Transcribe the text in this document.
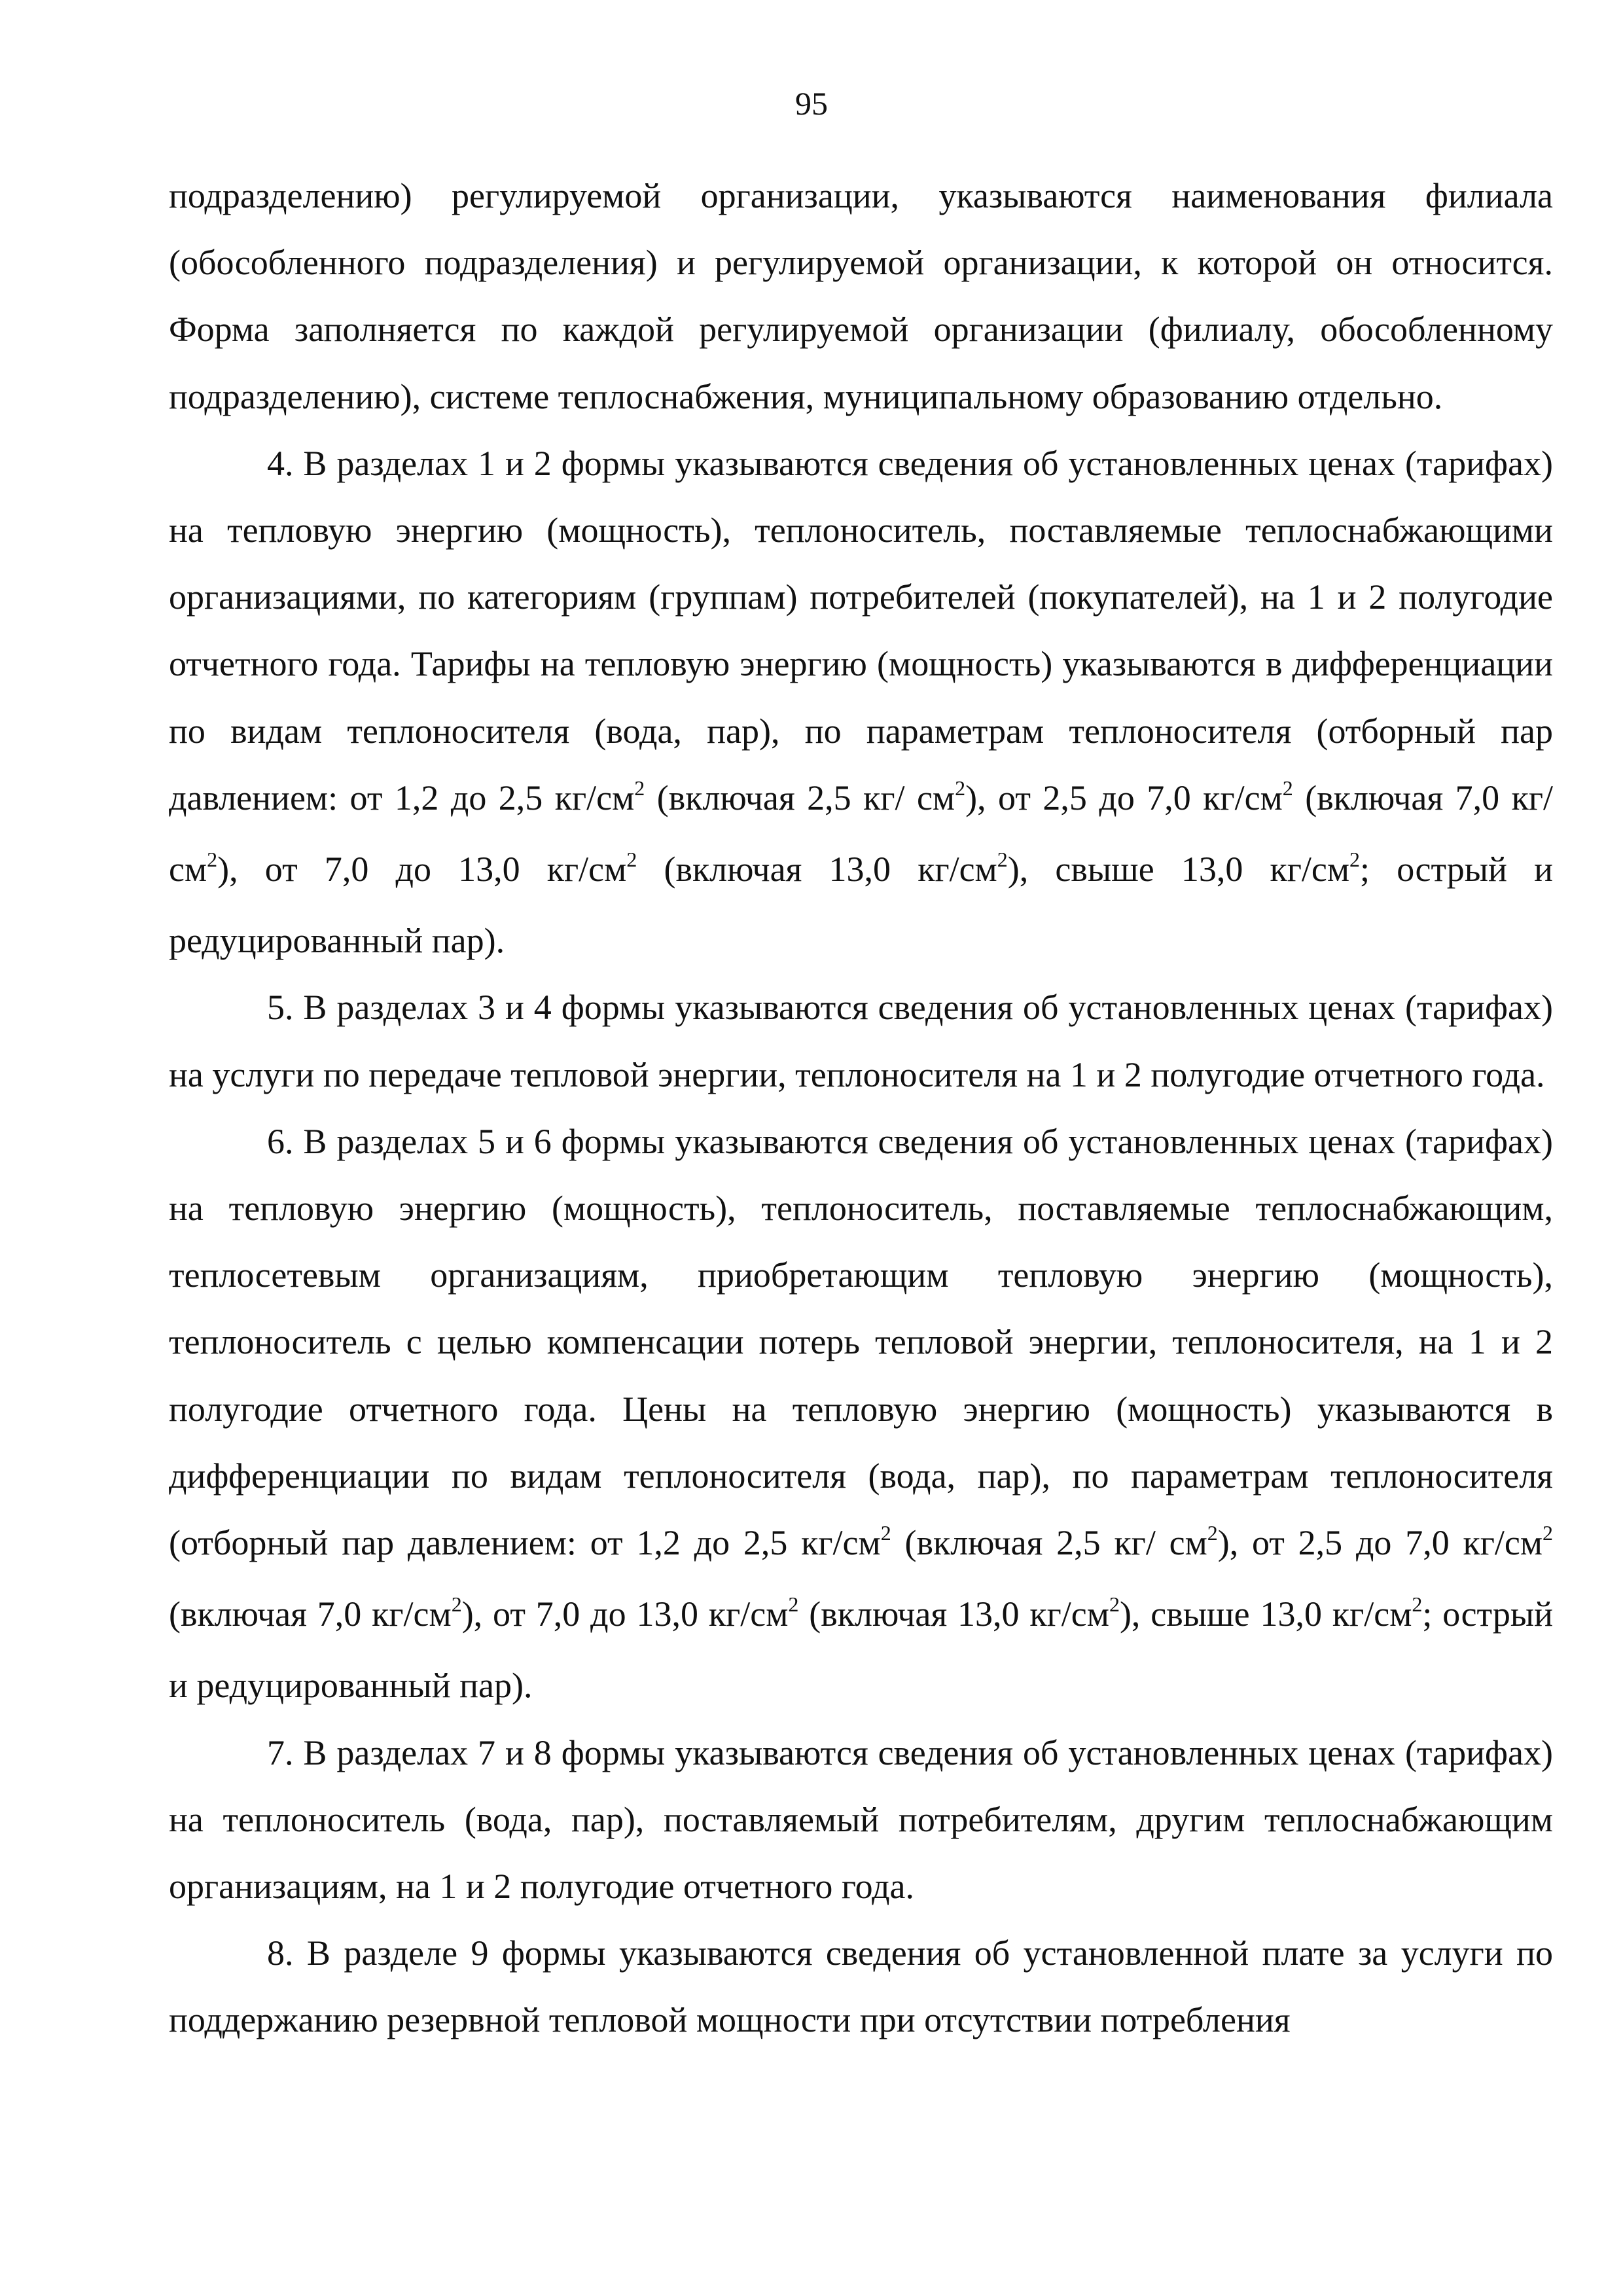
95

подразделению) регулируемой организации, указываются наименования филиала (обособленного подразделения) и регулируемой организации, к которой он относится. Форма заполняется по каждой регулируемой организации (филиалу, обособленному подразделению), системе теплоснабжения, муниципальному образованию отдельно.

4. В разделах 1 и 2 формы указываются сведения об установленных ценах (тарифах) на тепловую энергию (мощность), теплоноситель, поставляемые теплоснабжающими организациями, по категориям (группам) потребителей (покупателей), на 1 и 2 полугодие отчетного года. Тарифы на тепловую энергию (мощность) указываются в дифференциации по видам теплоносителя (вода, пар), по параметрам теплоносителя (отборный пар давлением: от 1,2 до 2,5 $кг/см^2$ (включая 2,5 кг/ $см^2$), от 2,5 до 7,0 $кг/см^2$ (включая 7,0 $кг/см^2$), от 7,0 до 13,0 $кг/см^2$ (включая 13,0 $кг/см^2$), свыше 13,0 $кг/см^2$; острый и редуцированный пар).

5. В разделах 3 и 4 формы указываются сведения об установленных ценах (тарифах) на услуги по передаче тепловой энергии, теплоносителя на 1 и 2 полугодие отчетного года.

6. В разделах 5 и 6 формы указываются сведения об установленных ценах (тарифах) на тепловую энергию (мощность), теплоноситель, поставляемые теплоснабжающим, теплосетевым организациям, приобретающим тепловую энергию (мощность), теплоноситель с целью компенсации потерь тепловой энергии, теплоносителя, на 1 и 2 полугодие отчетного года. Цены на тепловую энергию (мощность) указываются в дифференциации по видам теплоносителя (вода, пар), по параметрам теплоносителя (отборный пар давлением: от 1,2 до 2,5 $кг/см^2$ (включая 2,5 кг/ $см^2$), от 2,5 до 7,0 $кг/см^2$ (включая 7,0 $кг/см^2$), от 7,0 до 13,0 $кг/см^2$ (включая 13,0 $кг/см^2$), свыше 13,0 $кг/см^2$; острый и редуцированный пар).

7. В разделах 7 и 8 формы указываются сведения об установленных ценах (тарифах) на теплоноситель (вода, пар), поставляемый потребителям, другим теплоснабжающим организациям, на 1 и 2 полугодие отчетного года.

8. В разделе 9 формы указываются сведения об установленной плате за услуги по поддержанию резервной тепловой мощности при отсутствии потребления
